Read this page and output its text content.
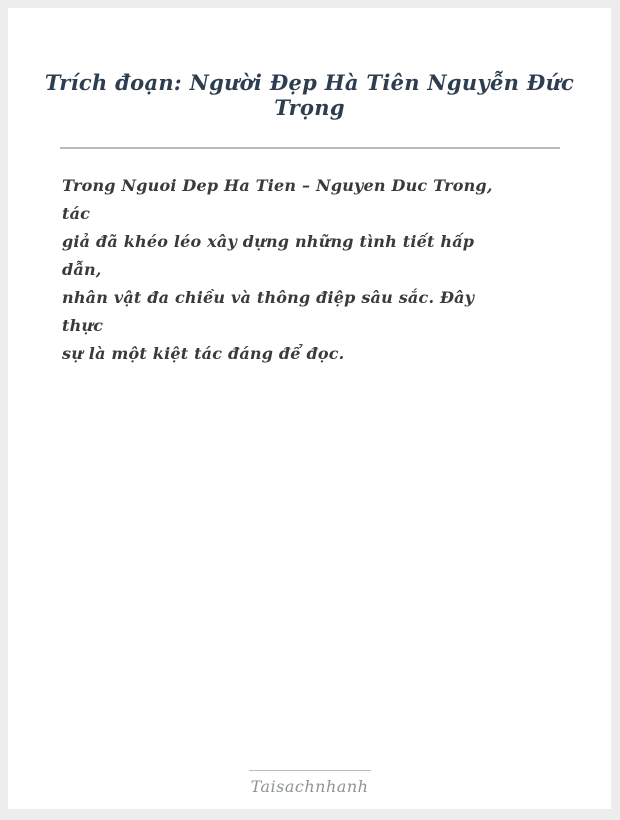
Trích đoạn: Người Đẹp Hà Tiên Nguyễn Đức Trọng
Trong Nguoi Dep Ha Tien – Nguyen Duc Trong,
tác
giả đã khéo léo xây dựng những tình tiết hấp
dẫn,
nhân vật đa chiều và thông điệp sâu sắc. Đây
thực
sự là một kiệt tác đáng để đọc.
Taisachnhanh
